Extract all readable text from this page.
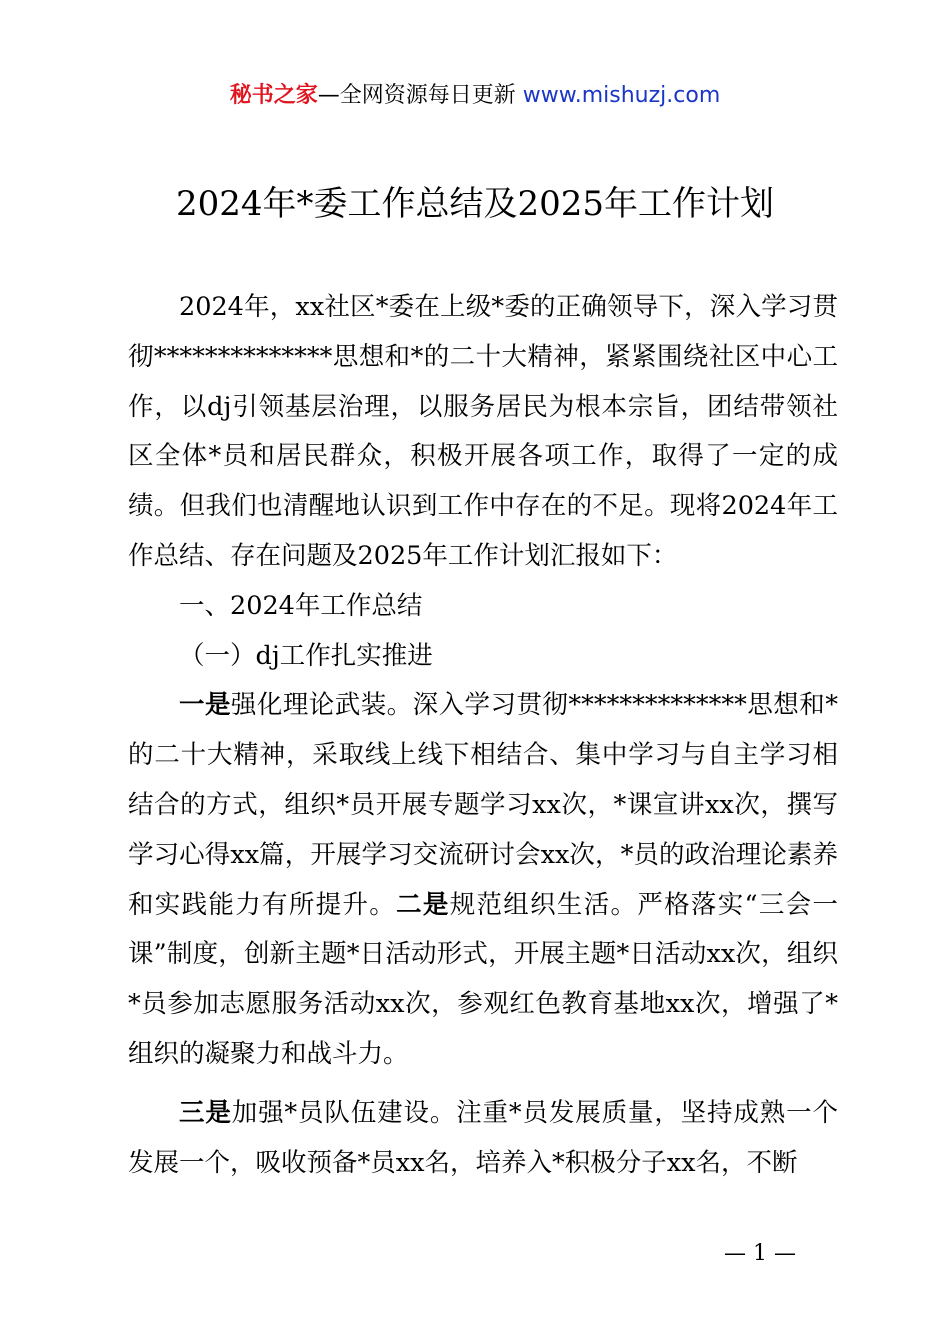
秘书之家—全网资源每日更新 www.mishuzj.com
2024年*委工作总结及2025年工作计划

2024年，xx社区*委在上级*委的正确领导下，深入学习贯彻**************思想和*的二十大精神，紧紧围绕社区中心工作，以dj引领基层治理，以服务居民为根本宗旨，团结带领社区全体*员和居民群众，积极开展各项工作，取得了一定的成绩。但我们也清醒地认识到工作中存在的不足。现将2024年工作总结、存在问题及2025年工作计划汇报如下：

一、2024年工作总结

（一）dj工作扎实推进

一是强化理论武装。深入学习贯彻**************思想和*的二十大精神，采取线上线下相结合、集中学习与自主学习相结合的方式，组织*员开展专题学习xx次，*课宣讲xx次，撰写学习心得xx篇，开展学习交流研讨会xx次，*员的政治理论素养和实践能力有所提升。二是规范组织生活。严格落实“三会一课”制度，创新主题*日活动形式，开展主题*日活动xx次，组织*员参加志愿服务活动xx次，参观红色教育基地xx次，增强了*组织的凝聚力和战斗力。

三是加强*员队伍建设。注重*员发展质量，坚持成熟一个发展一个，吸收预备*员xx名，培养入*积极分子xx名，不断

— 1 —
